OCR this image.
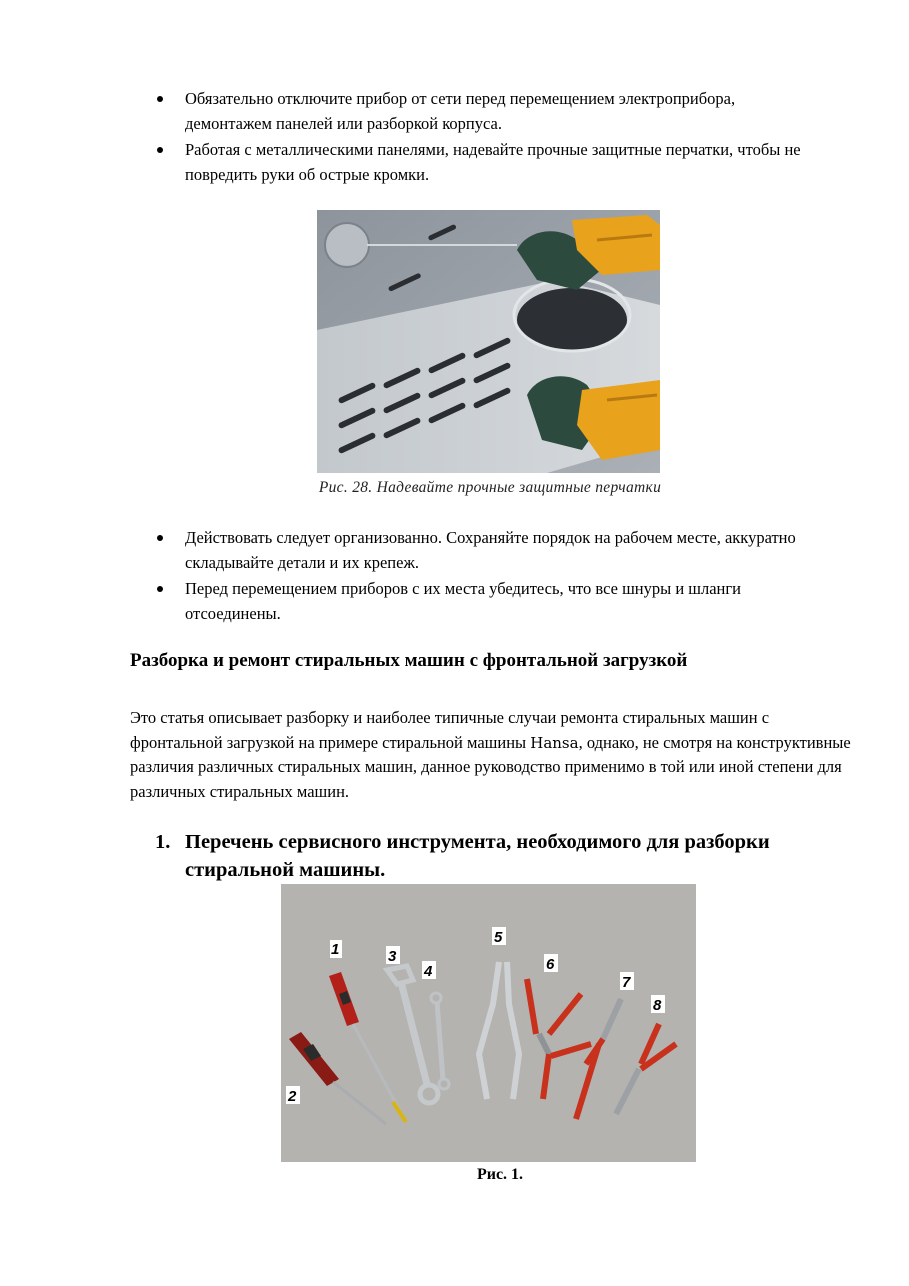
Обязательно отключите прибор от сети перед перемещением электроприбора, демонтажем панелей или разборкой корпуса.
Работая с металлическими панелями, надевайте прочные защитные перчатки, чтобы не повредить руки об острые кромки.
Рис. 28. Надевайте прочные защитные перчатки
Действовать следует организованно. Сохраняйте порядок на рабочем месте, аккуратно складывайте детали и их крепеж.
Перед перемещением приборов с их места убедитесь, что все шнуры и шланги отсоединены.
Разборка и ремонт стиральных машин с фронтальной загрузкой

Это статья описывает разборку и наиболее типичные случаи ремонта стиральных машин с фронтальной загрузкой на примере стиральной машины Hansa, однако, не смотря на конструктивные различия различных стиральных машин, данное руководство применимо в той или иной степени для различных стиральных машин.

1. Перечень сервисного инструмента, необходимого для разборки стиральной машины.
1
2
3
4
5
6
7
8
Рис. 1.
